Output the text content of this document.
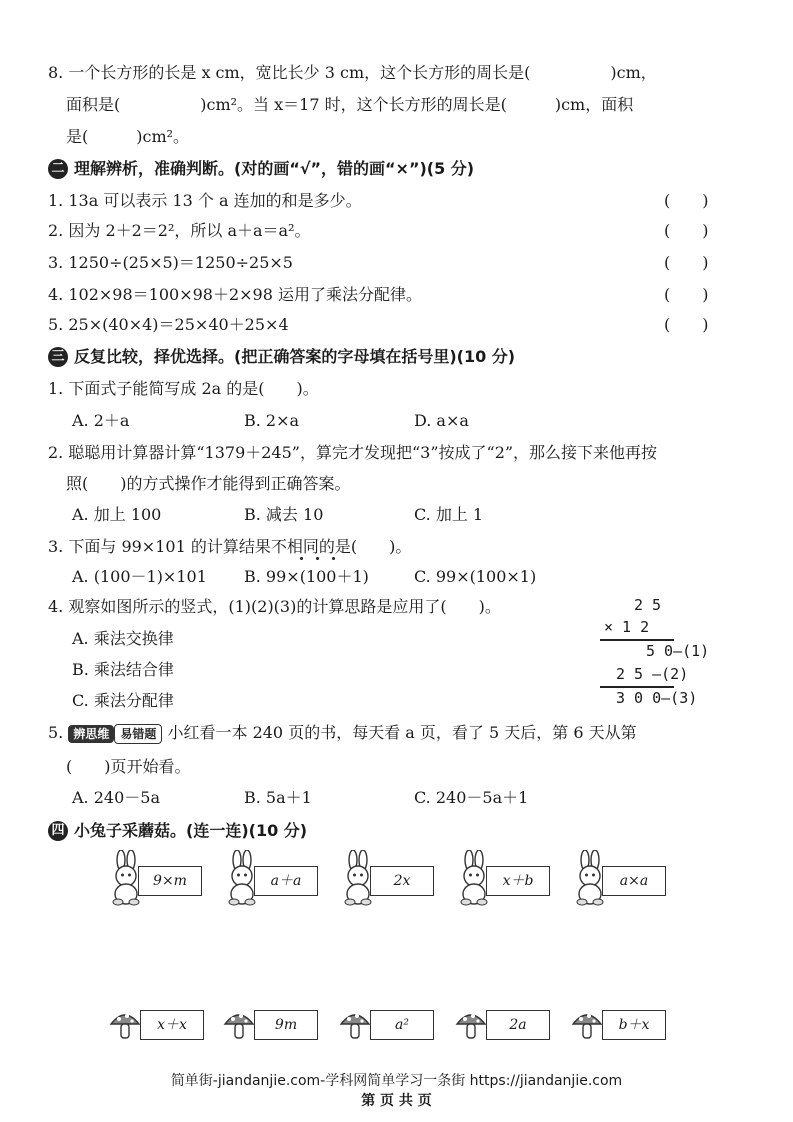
8. 一个长方形的长是 x cm，宽比长少 3 cm，这个长方形的周长是(　　　　　)cm，
面积是(　　　　　)cm²。当 x＝17 时，这个长方形的周长是(　　　)cm，面积
是(　　　)cm²。
二 理解辨析，准确判断。(对的画“√”，错的画“×”)(5 分)
1. 13a 可以表示 13 个 a 连加的和是多少。	(　　)
2. 因为 2＋2＝2²，所以 a＋a＝a²。	(　　)
3. 1250÷(25×5)＝1250÷25×5	(　　)
4. 102×98＝100×98＋2×98 运用了乘法分配律。	(　　)
5. 25×(40×4)＝25×40＋25×4	(　　)
三 反复比较，择优选择。(把正确答案的字母填在括号里)(10 分)
1. 下面式子能简写成 2a 的是(　　)。
A. 2＋a	B. 2×a	D. a×a
2. 聪聪用计算器计算“1379＋245”，算完才发现把“3”按成了“2”，那么接下来他再按
照(　　)的方式操作才能得到正确答案。
A. 加上 100	B. 减去 10	C. 加上 1
3. 下面与 99×101 的计算结果不相同的是(　　)。
A. (100－1)×101 B. 99×(100＋1)	C. 99×(100×1)
4. 观察如图所示的竖式，(1)(2)(3)的计算思路是应用了(　　)。
A. 乘法交换律
B. 乘法结合律
C. 乘法分配律
2 5
× 1 2
5 0—(1)
2 5 —(2)
3 0 0—(3)
5. 辨思维 易错题 小红看一本 240 页的书，每天看 a 页，看了 5 天后，第 6 天从第
(　　)页开始看。
A. 240－5a	B. 5a＋1	C. 240－5a＋1
四 小兔子采蘑菇。(连一连)(10 分)
9×m	a＋a	2x	x＋b	a×a
x＋x	9m	a²	2a	b＋x
简单街-jiandanjie.com-学科网简单学习一条街 https://jiandanjie.com
第 页 共 页
